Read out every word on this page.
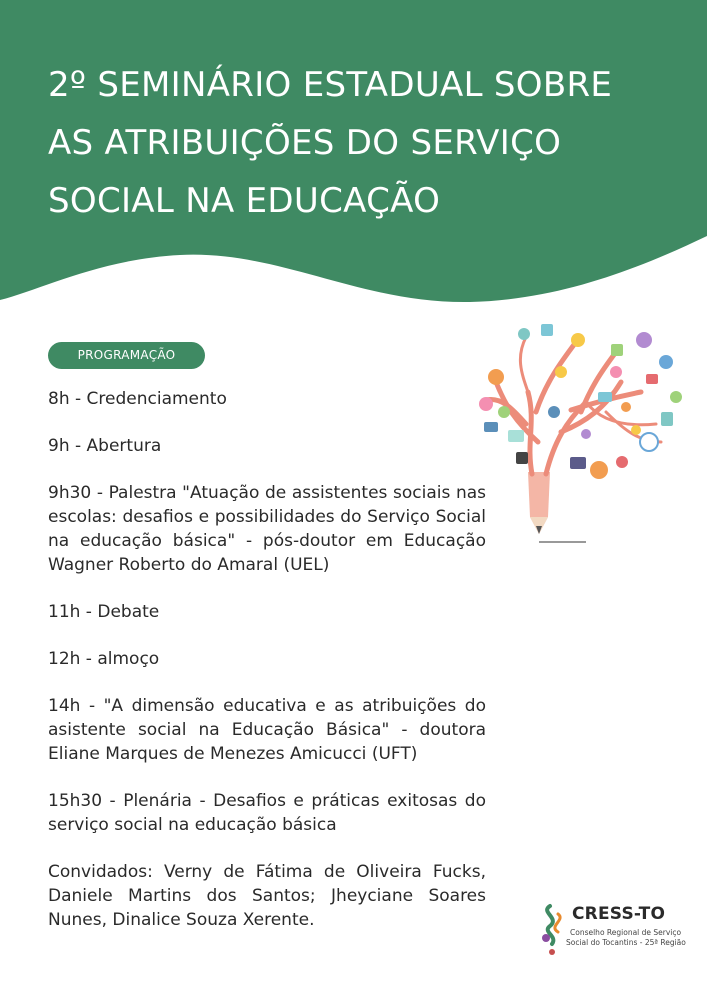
2º SEMINÁRIO ESTADUAL SOBRE
AS ATRIBUIÇÕES DO SERVIÇO
SOCIAL NA EDUCAÇÃO
PROGRAMAÇÃO

8h - Credenciamento

9h - Abertura

9h30 - Palestra "Atuação de assistentes sociais nas escolas: desafios e possibilidades do Serviço Social na educação básica" - pós-doutor em Educação Wagner Roberto do Amaral (UEL)

11h - Debate

12h - almoço

14h - "A dimensão educativa e as atribuições do asistente social na Educação Básica" - doutora Eliane Marques de Menezes Amicucci (UFT)

15h30 - Plenária - Desafios e práticas exitosas do serviço social na educação básica

Convidados: Verny de Fátima de Oliveira Fucks, Daniele Martins dos Santos; Jheyciane Soares Nunes, Dinalice Souza Xerente.	CRESS-TO
Conselho Regional de Serviço
Social do Tocantins - 25ª Região
